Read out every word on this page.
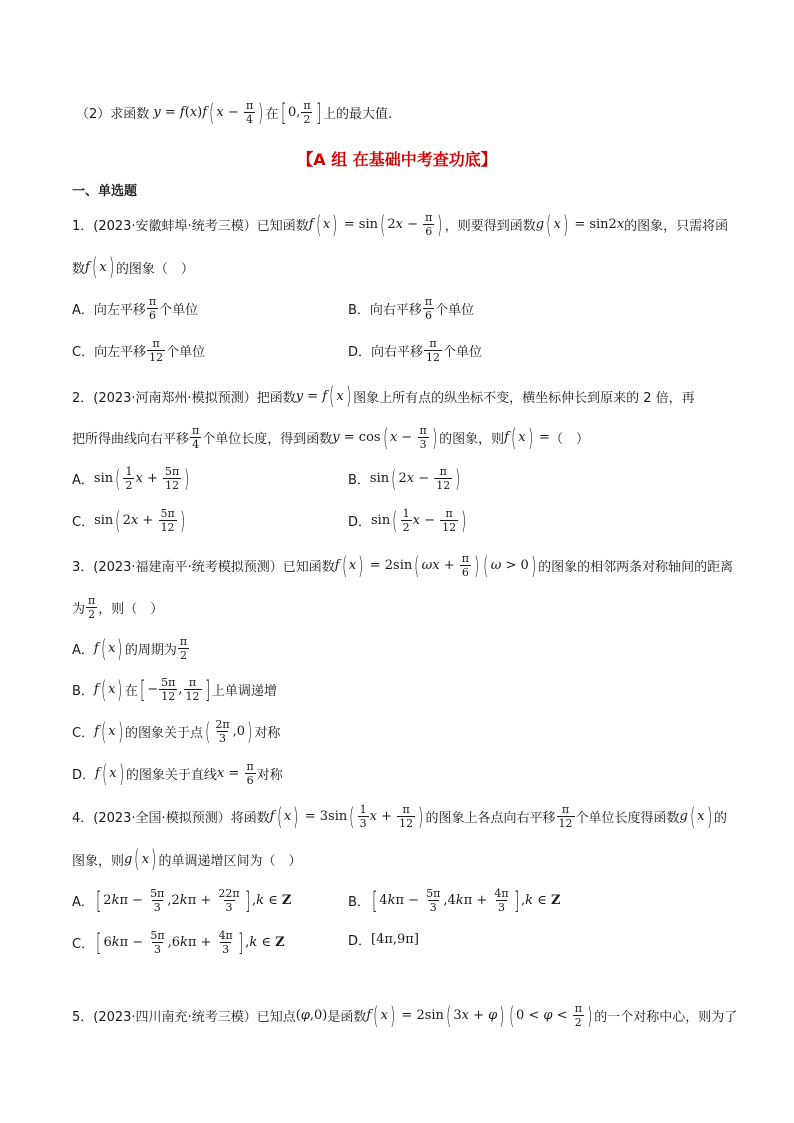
（2）求函数 y = f ( x ) f ( $x - \frac{\pi}{4}$ ) 在 [ 0, $\frac{\pi}{2}$ ] 上的最大值.
【A 组 在基础中考查功底】
一、单选题
1．(2023·安徽蚌埠·统考三模）已知函数 f ( x ) = sin ( 2 $x - \frac{\pi}{6}$ ) ，则要得到函数 g ( x ) = sin2 x 的图象，只需将函
数 f ( x ) 的图象（　）
A．向左平移 $\frac{\pi}{6}$ 个单位	B．向右平移 $\frac{\pi}{6}$ 个单位
C．向左平移 $\frac{\pi}{12}$ 个单位	D．向右平移 $\frac{\pi}{12}$ 个单位
2．(2023·河南郑州·模拟预测）把函数 y = f ( x ) 图象上所有点的纵坐标不变，横坐标伸长到原来的 2 倍，再
把所得曲线向右平移 $\frac{\pi}{4}$ 个单位长度，得到函数 y = cos ( $x - \frac{\pi}{3}$ ) 的图象，则 f ( x ) = （　）
A． sin ( $\frac{1}{2}$ $x + \frac{5\pi}{12}$ )	B． sin ( 2 $x - \frac{\pi}{12}$ )
C． sin ( 2 $x + \frac{5\pi}{12}$ )	D． sin ( $\frac{1}{2}$ $x - \frac{\pi}{12}$ )
3．(2023·福建南平·统考模拟预测）已知函数 f ( x ) = 2sin ( $\omega x + \frac{\pi}{6}$ ) ( ω > 0 ) 的图象的相邻两条对称轴间的距离
为 $\frac{\pi}{2}$ ，则（　）
A． f ( x ) 的周期为 $\frac{\pi}{2}$
B． f ( x ) 在 [ − $\frac{5\pi}{12}$ , $\frac{\pi}{12}$ ] 上单调递增
C． f ( x ) 的图象关于点 ( $\frac{2\pi}{3} ,0$ ) 对称
D． f ( x ) 的图象关于直线 $x = \frac{\pi}{6}$ 对称
4．(2023·全国·模拟预测）将函数 f ( x ) = 3sin ( $\frac{1}{3}$ $x + \frac{\pi}{12}$ ) 的图象上各点向右平移 $\frac{\pi}{12}$ 个单位长度得函数 g ( x ) 的
图象，则 g ( x ) 的单调递增区间为（　）
A． [ 2 k $\pi - \frac{5\pi}{3} ,2$ k $\pi + \frac{22\pi}{3}$ ] , k ∈ Z	B． [ 4 k $\pi - \frac{5\pi}{3} ,4$ k $\pi + \frac{4\pi}{3}$ ] , k ∈ Z
C． [ 6 k $\pi - \frac{5\pi}{3} ,6$ k $\pi + \frac{4\pi}{3}$ ] , k ∈ Z	D． [4π,9π]
5．(2023·四川南充·统考三模）已知点 ( φ ,0) 是函数 f ( x ) = 2sin ( 3 x + φ ) ( $0 < \varphi < \frac{\pi}{2}$ ) 的一个对称中心，则为了
